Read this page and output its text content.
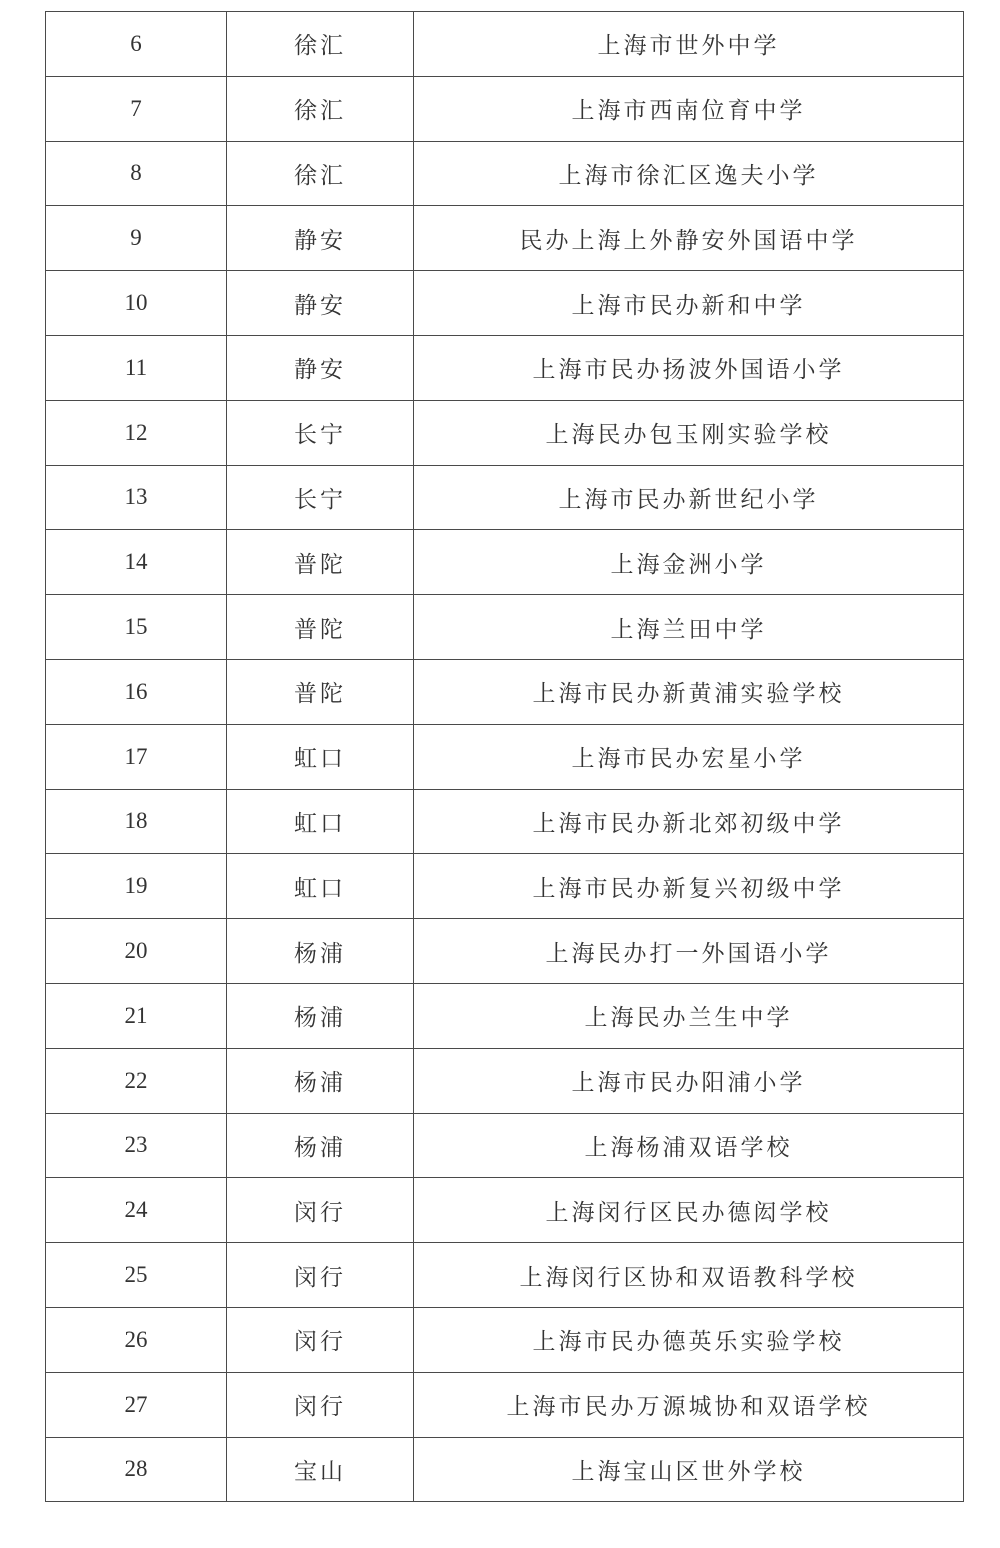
6	徐汇	上海市世外中学
7	徐汇	上海市西南位育中学
8	徐汇	上海市徐汇区逸夫小学
9	静安	民办上海上外静安外国语中学
10	静安	上海市民办新和中学
11	静安	上海市民办扬波外国语小学
12	长宁	上海民办包玉刚实验学校
13	长宁	上海市民办新世纪小学
14	普陀	上海金洲小学
15	普陀	上海兰田中学
16	普陀	上海市民办新黄浦实验学校
17	虹口	上海市民办宏星小学
18	虹口	上海市民办新北郊初级中学
19	虹口	上海市民办新复兴初级中学
20	杨浦	上海民办打一外国语小学
21	杨浦	上海民办兰生中学
22	杨浦	上海市民办阳浦小学
23	杨浦	上海杨浦双语学校
24	闵行	上海闵行区民办德闳学校
25	闵行	上海闵行区协和双语教科学校
26	闵行	上海市民办德英乐实验学校
27	闵行	上海市民办万源城协和双语学校
28	宝山	上海宝山区世外学校
